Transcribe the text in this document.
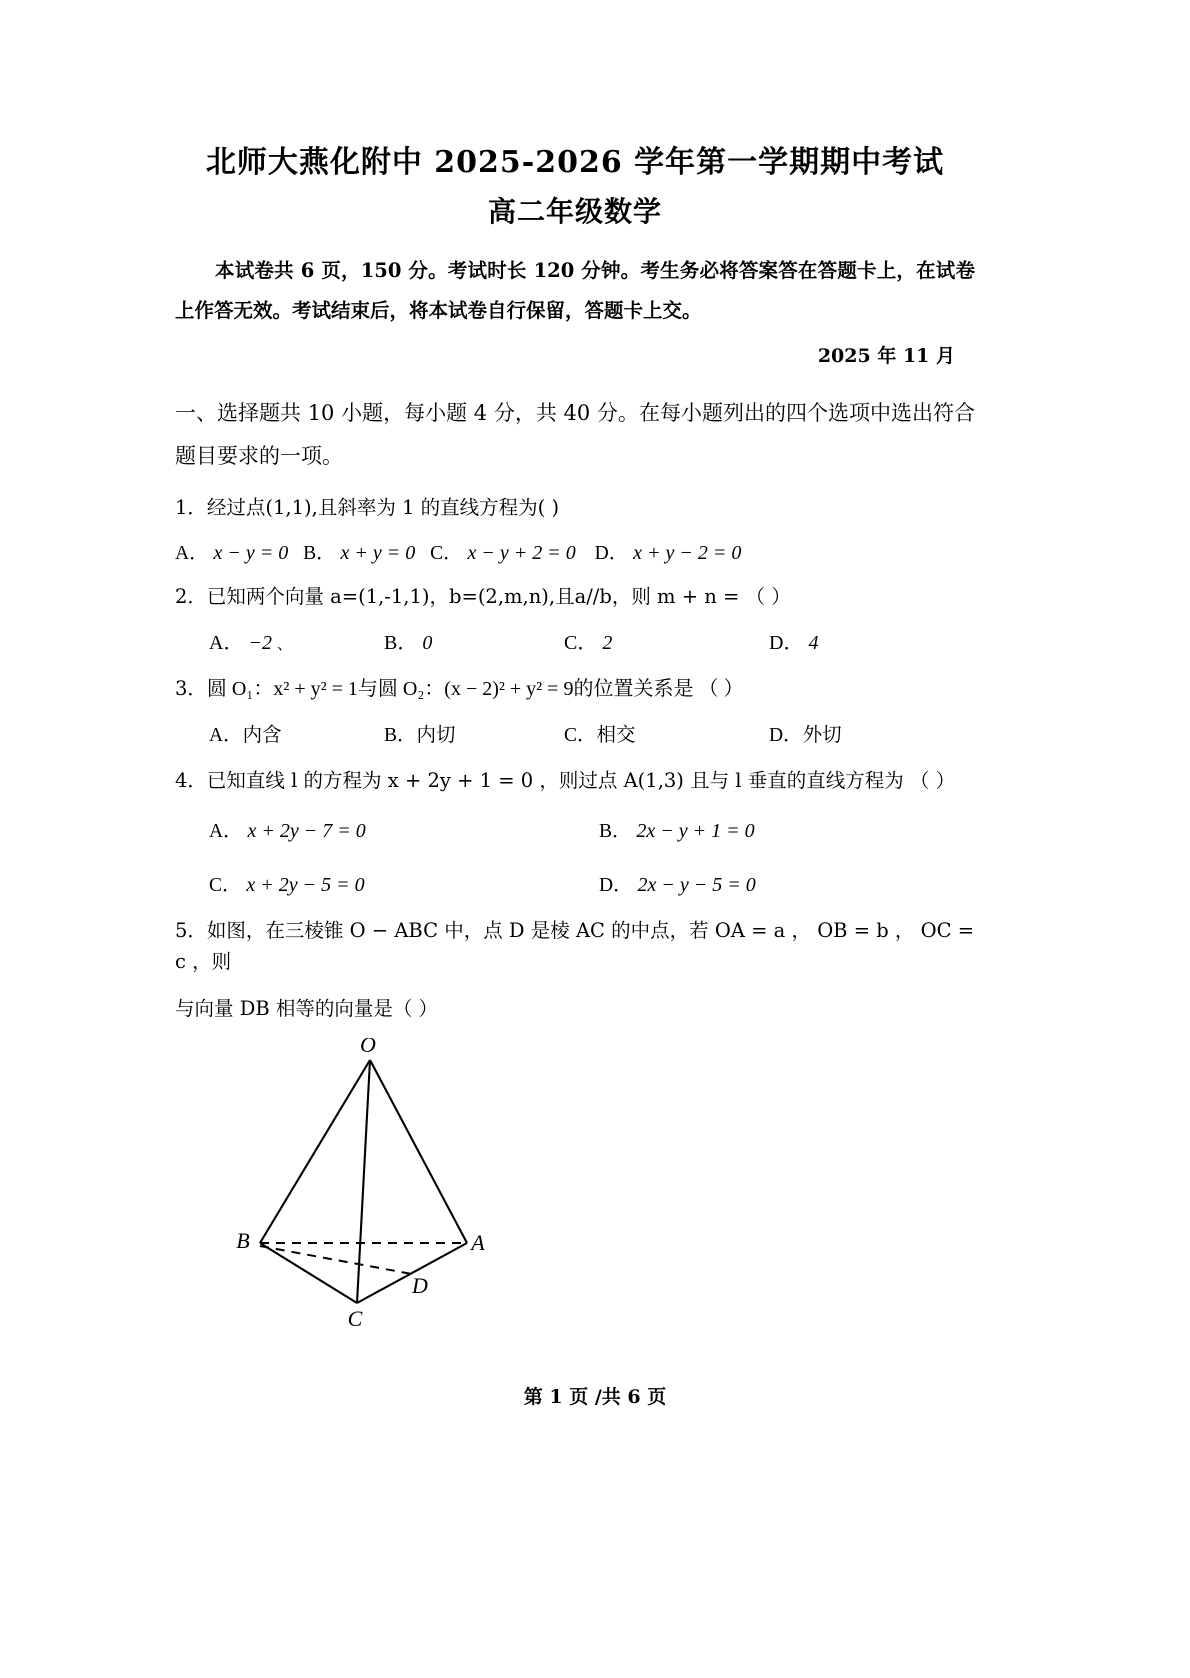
北师大燕化附中 2025-2026 学年第一学期期中考试
高二年级数学
本试卷共 6 页，150 分。考试时长 120 分钟。考生务必将答案答在答题卡上，在试卷上作答无效。考试结束后，将本试卷自行保留，答题卡上交。
2025 年 11 月
一、选择题共 10 小题，每小题 4 分，共 40 分。在每小题列出的四个选项中选出符合题目要求的一项。
1．经过点(1,1),且斜率为 1 的直线方程为( )
A． x − y = 0 B． x + y = 0 C． x − y + 2 = 0 D． x + y − 2 = 0
2．已知两个向量 a=(1,-1,1)，b=(2,m,n),且a//b，则 m + n = （ ）
A． −2 、	B． 0	C． 2	D． 4
3．圆 O₁：x² + y² = 1与圆 O₂：(x − 2)² + y² = 9的位置关系是 （ ）
A．内含	B．内切	C．相交	D．外切
4．已知直线 l 的方程为 x + 2y + 1 = 0 ，则过点 A(1,3) 且与 l 垂直的直线方程为 （ ）
A． x + 2y − 7 = 0	B． 2x − y + 1 = 0
C． x + 2y − 5 = 0	D． 2x − y − 5 = 0
5．如图，在三棱锥 O − ABC 中，点 D 是棱 AC 的中点，若 OA = a ， OB = b ， OC = c ，则
与向量 DB 相等的向量是（ ）
O
B	A
C
D
第 1 页 /共 6 页
